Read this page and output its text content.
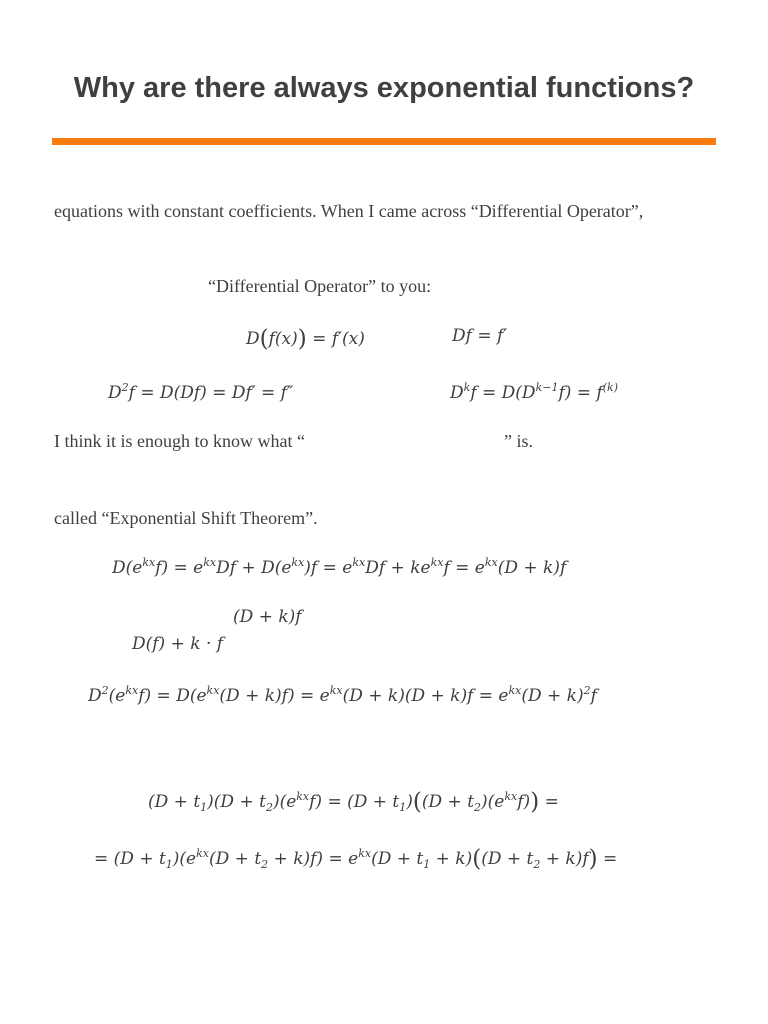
Why are there always exponential functions?
equations with constant coefficients. When I came across “Differential Operator”,
“Differential Operator” to you:
D(f(x)) = f′(x)	Df = f′
$D^2f = D(Df) = Df' = f''$	$D^kf = D(D^{k-1}f) = f^{(k)}$
I think it is enough to know what “	” is.
called “Exponential Shift Theorem”.
$D(e^{kx}f) = e^{kx}Df + D(e^{kx})f = e^{kx}Df + ke^{kx}f = e^{kx}(D + k)f$
(D + k)f
D(f) + k · f
$D^2(e^{kx}f) = D(e^{kx}(D + k)f) = e^{kx}(D + k)(D + k)f = e^{kx}(D + k)^2f$
$(D + t_1)(D + t_2)(e^{kx}f) = (D + t_1)((D + t_2)(e^{kx}f))$ =
= $(D + t_1)(e^{kx}(D + t_2 + k)f) = e^{kx}(D + t_1 + k)((D + t_2 + k)f)$ =
